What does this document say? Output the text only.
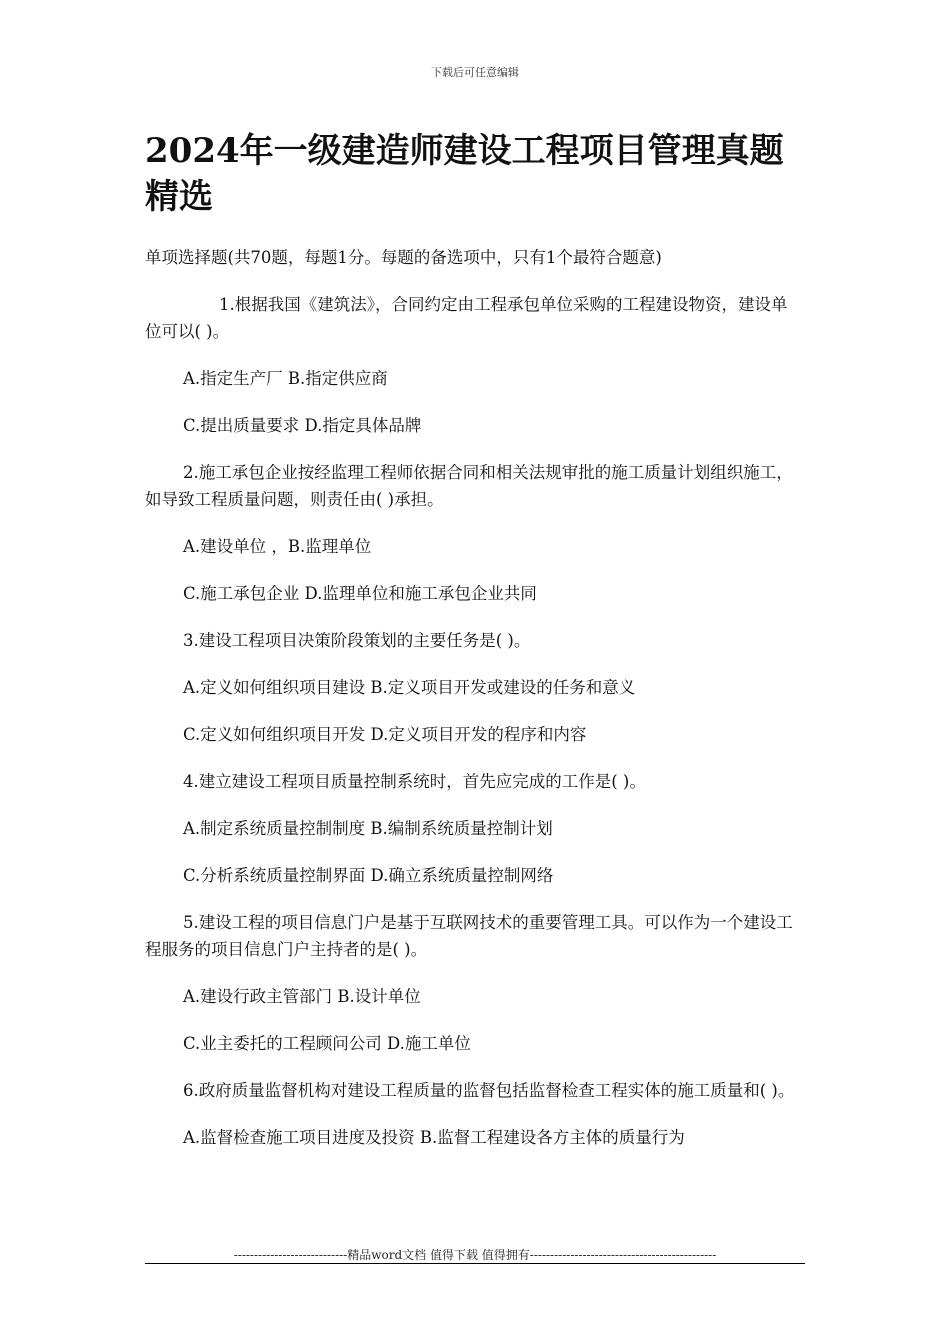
下载后可任意编辑
2024年一级建造师建设工程项目管理真题精选

单项选择题(共70题，每题1分。每题的备选项中，只有1个最符合题意)

1.根据我国《建筑法》，合同约定由工程承包单位采购的工程建设物资，建设单位可以( )。

A.指定生产厂 B.指定供应商

C.提出质量要求 D.指定具体品牌

2.施工承包企业按经监理工程师依据合同和相关法规审批的施工质量计划组织施工，如导致工程质量问题，则责任由( )承担。

A.建设单位 ，B.监理单位

C.施工承包企业 D.监理单位和施工承包企业共同

3.建设工程项目决策阶段策划的主要任务是( )。

A.定义如何组织项目建设 B.定义项目开发或建设的任务和意义

C.定义如何组织项目开发 D.定义项目开发的程序和内容

4.建立建设工程项目质量控制系统时，首先应完成的工作是( )。

A.制定系统质量控制制度 B.编制系统质量控制计划

C.分析系统质量控制界面 D.确立系统质量控制网络

5.建设工程的项目信息门户是基于互联网技术的重要管理工具。可以作为一个建设工程服务的项目信息门户主持者的是( )。

A.建设行政主管部门 B.设计单位

C.业主委托的工程顾问公司 D.施工单位

6.政府质量监督机构对建设工程质量的监督包括监督检查工程实体的施工质量和( )。

A.监督检查施工项目进度及投资 B.监督工程建设各方主体的质量行为

----------------------------精品word文档 值得下载 值得拥有----------------------------------------------
